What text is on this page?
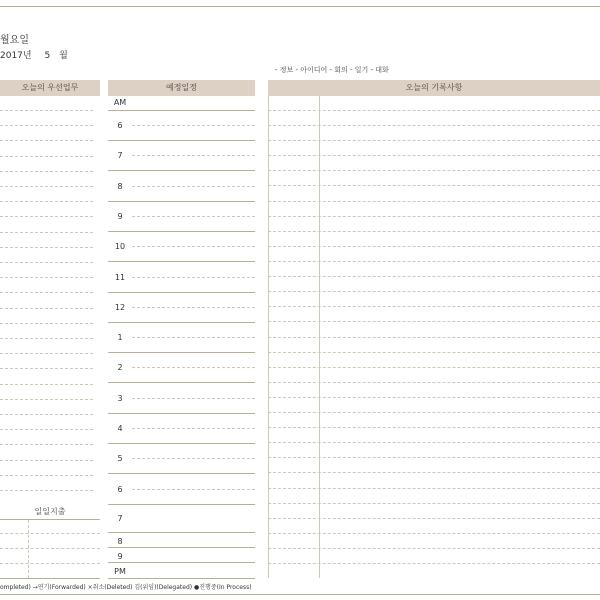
월요일
2017년 5 월
- 정보 - 아이디어 - 회의 - 일기 - 대화
오늘의 우선업무	예정일정	오늘의 기록사항
AM
6
7
8
9
10
11
12
1
2
3
4
5
6
7
8
9
PM
일일지출
ompleted) →연기(Forwarded) ×취소(Deleted) 김(위임)(Delegated) ●진행중(In Process)
